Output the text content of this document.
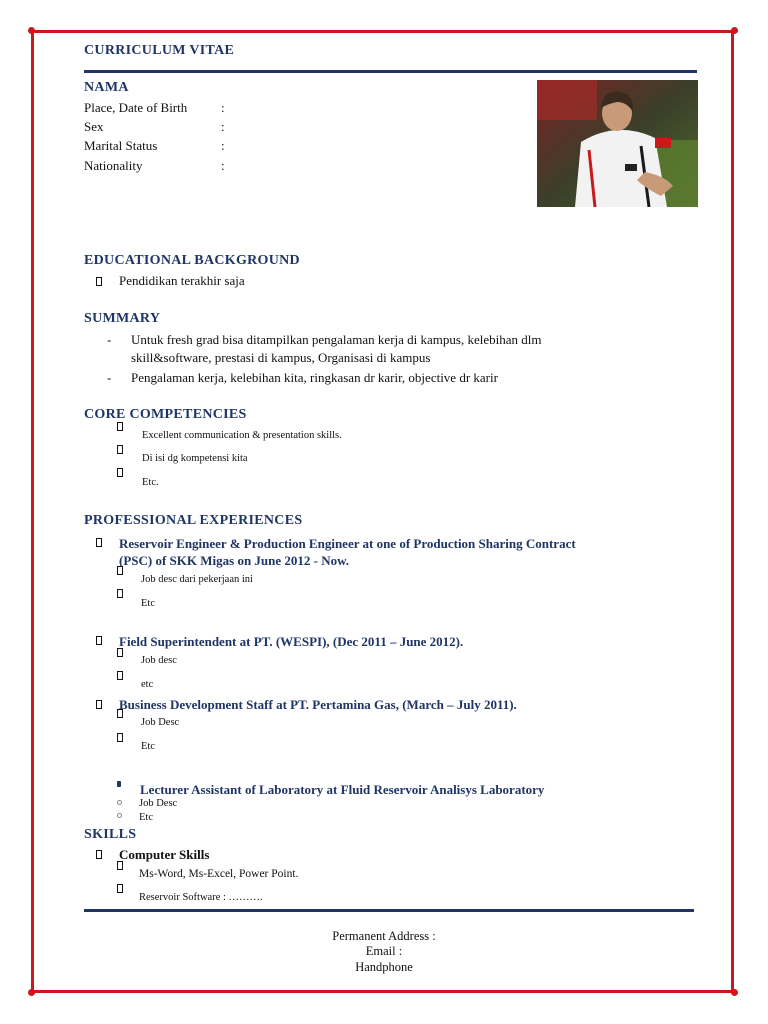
CURRICULUM VITAE
NAMA
Place, Date of Birth	:
Sex	:
Marital Status	:
Nationality	:
EDUCATIONAL BACKGROUND
Pendidikan terakhir saja
SUMMARY
- Untuk fresh grad bisa ditampilkan pengalaman kerja di kampus, kelebihan dlm
skill&software, prestasi di kampus, Organisasi di kampus
- Pengalaman kerja, kelebihan kita, ringkasan dr karir, objective dr karir
CORE COMPETENCIES
Excellent communication & presentation skills.
Di isi dg kompetensi kita
Etc.
PROFESSIONAL EXPERIENCES
Reservoir Engineer & Production Engineer at one of Production Sharing Contract
(PSC) of SKK Migas on June 2012 - Now.
Job desc dari pekerjaan ini
Etc
Field Superintendent at PT. (WESPI), (Dec 2011 – June 2012).
Job desc
etc
Business Development Staff at PT. Pertamina Gas, (March – July 2011).
Job Desc
Etc
Lecturer Assistant of Laboratory at Fluid Reservoir Analisys Laboratory
Job Desc
Etc
SKILLS
Computer Skills
Ms-Word, Ms-Excel, Power Point.
Reservoir Software : ……….
Permanent Address :
Email :
Handphone
